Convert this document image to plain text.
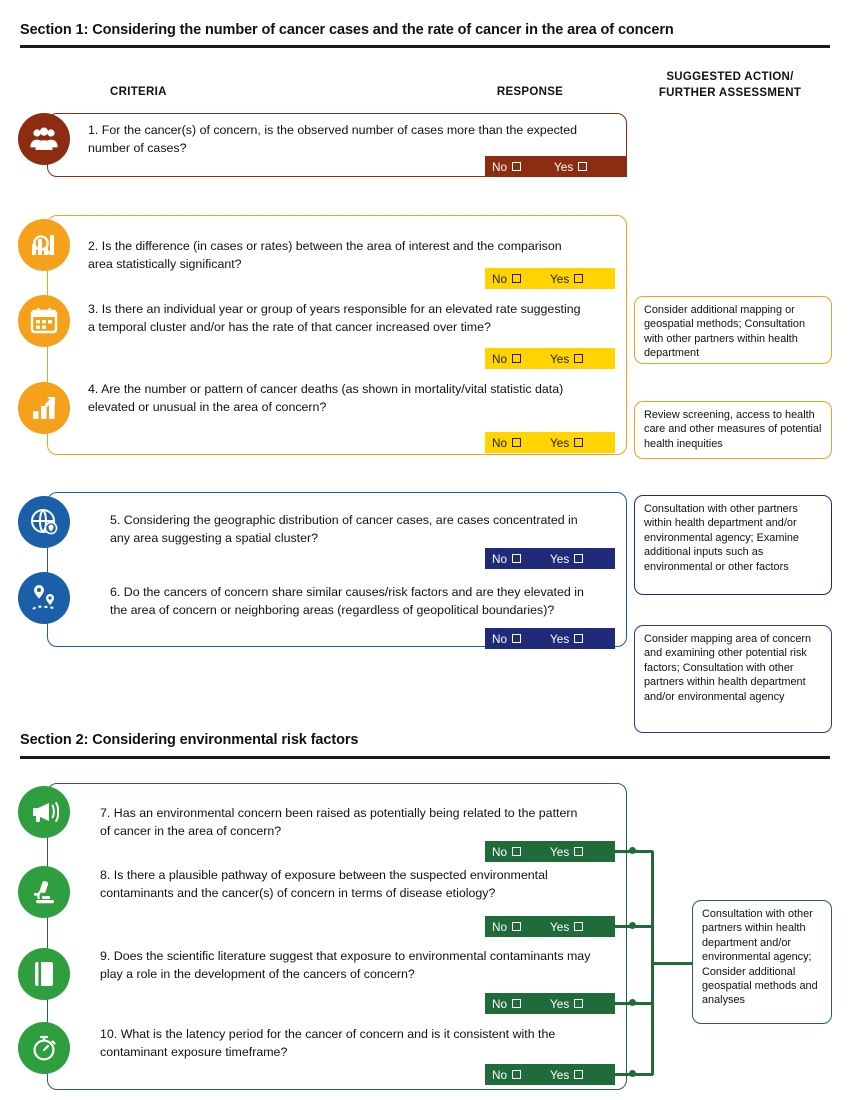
Section 1: Considering the number of cancer cases and the rate of cancer in the area of concern
CRITERIA	RESPONSE
SUGGESTED ACTION/
FURTHER ASSESSMENT
1. For the cancer(s) of concern, is the observed number of cases more than the expected number of cases?
No	Yes
2. Is the difference (in cases or rates) between the area of interest and the comparison area statistically significant?
No	Yes
3. Is there an individual year or group of years responsible for an elevated rate suggesting a temporal cluster and/or has the rate of that cancer increased over time?
No	Yes
4. Are the number or pattern of cancer deaths (as shown in mortality/vital statistic data) elevated or unusual in the area of concern?
No	Yes
Consider additional mapping or geospatial methods; Consultation with other partners within health department
Review screening, access to health care and other measures of potential health inequities
5. Considering the geographic distribution of cancer cases, are cases concentrated in any area suggesting a spatial cluster?
No	Yes
6. Do the cancers of concern share similar causes/risk factors and are they elevated in the area of concern or neighboring areas (regardless of geopolitical boundaries)?
No	Yes
Consultation with other partners within health department and/or environmental agency; Examine additional inputs such as environmental or other factors
Consider mapping area of concern and examining other potential risk factors; Consultation with other partners within health department and/or environmental agency
Section 2: Considering environmental risk factors
7. Has an environmental concern been raised as potentially being related to the pattern of cancer in the area of concern?
No	Yes
8. Is there a plausible pathway of exposure between the suspected environmental contaminants and the cancer(s) of concern in terms of disease etiology?
No	Yes
9. Does the scientific literature suggest that exposure to environmental contaminants may play a role in the development of the cancers of concern?
No	Yes
10. What is the latency period for the cancer of concern and is it consistent with the contaminant exposure timeframe?
No	Yes
Consultation with other partners within health department and/or environmental agency; Consider additional geospatial methods and analyses
